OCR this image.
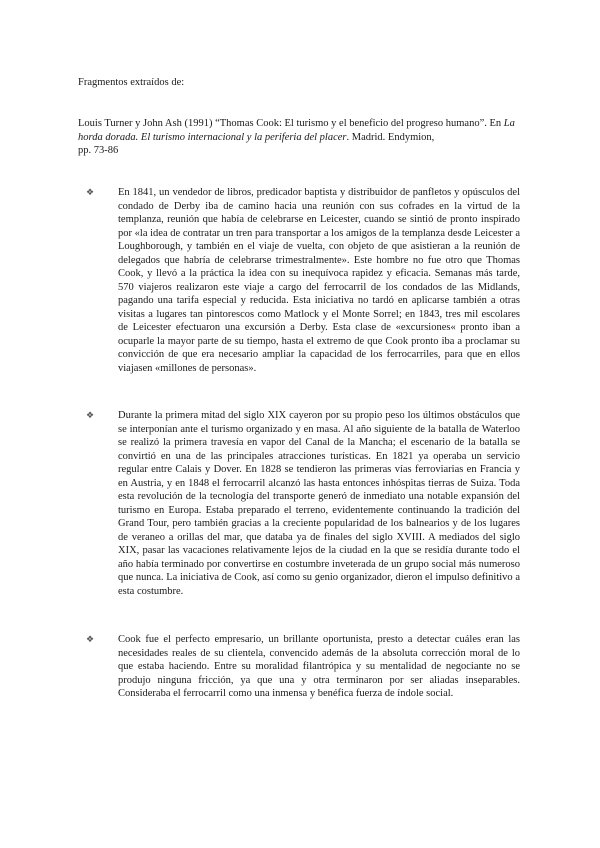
Fragmentos extraídos de:

Louis Turner y John Ash (1991) “Thomas Cook: El turismo y el beneficio del progreso humano”. En La horda dorada. El turismo internacional y la periferia del placer. Madrid. Endymion,
pp. 73-86

❖ En 1841, un vendedor de libros, predicador baptista y distribuidor de panfletos y opúsculos del condado de Derby iba de camino hacia una reunión con sus cofrades en la virtud de la templanza, reunión que había de celebrarse en Leicester, cuando se sintió de pronto inspirado por «la idea de contratar un tren para transportar a los amigos de la templanza desde Leicester a Loughborough, y también en el viaje de vuelta, con objeto de que asistieran a la reunión de delegados que habría de celebrarse trimestralmente». Este hombre no fue otro que Thomas Cook, y llevó a la práctica la idea con su inequívoca rapidez y eficacia. Semanas más tarde, 570 viajeros realizaron este viaje a cargo del ferrocarril de los condados de las Midlands, pagando una tarifa especial y reducida. Esta iniciativa no tardó en aplicarse también a otras visitas a lugares tan pintorescos como Matlock y el Monte Sorrel; en 1843, tres mil escolares de Leicester efectuaron una excursión a Derby. Esta clase de «excursiones« pronto iban a ocuparle la mayor parte de su tiempo, hasta el extremo de que Cook pronto iba a proclamar su convicción de que era necesario ampliar la capacidad de los ferrocarriles, para que en ellos viajasen «millones de personas».

❖ Durante la primera mitad del siglo XIX cayeron por su propio peso los últimos obstáculos que se interponían ante el turismo organizado y en masa. Al año siguiente de la batalla de Waterloo se realizó la primera travesía en vapor del Canal de la Mancha; el escenario de la batalla se convirtió en una de las principales atracciones turísticas. En 1821 ya operaba un servicio regular entre Calais y Dover. En 1828 se tendieron las primeras vías ferroviarias en Francia y en Austria, y en 1848 el ferrocarril alcanzó las hasta entonces inhóspitas tierras de Suiza. Toda esta revolución de la tecnología del transporte generó de inmediato una notable expansión del turismo en Europa. Estaba preparado el terreno, evidentemente continuando la tradición del Grand Tour, pero también gracias a la creciente popularidad de los balnearios y de los lugares de veraneo a orillas del mar, que databa ya de finales del siglo XVIII. A mediados del siglo XIX, pasar las vacaciones relativamente lejos de la ciudad en la que se residía durante todo el año había terminado por convertirse en costumbre inveterada de un grupo social más numeroso que nunca. La iniciativa de Cook, así como su genio organizador, dieron el impulso definitivo a esta costumbre.

❖ Cook fue el perfecto empresario, un brillante oportunista, presto a detectar cuáles eran las necesidades reales de su clientela, convencido además de la absoluta corrección moral de lo que estaba haciendo. Entre su moralidad filantrópica y su mentalidad de negociante no se produjo ninguna fricción, ya que una y otra terminaron por ser aliadas inseparables. Consideraba el ferrocarril como una inmensa y benéfica fuerza de índole social.
